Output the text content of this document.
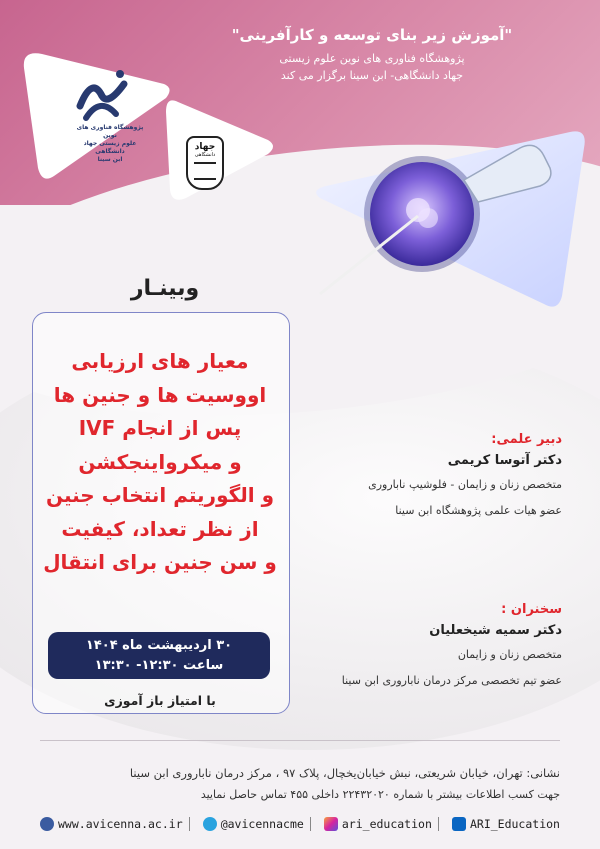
"آموزش زیر بنای توسعه و کارآفرینی"
پژوهشگاه فناوری های نوین علوم زیستی
جهاد دانشگاهی- ابن سینا برگزار می کند
پژوهشگاه فناوری های نوین
علوم زیستی جهاد دانشگاهی
ابن سینا
جهاد
دانشگاهی
وبینـار
معیار های ارزیابی
اووسیت ها و جنین ها
پس از انجام IVF
و میکرواینجکشن
و الگوریتم انتخاب جنین
از نظر تعداد، کیفیت
و سن جنین برای انتقال
۳۰ اردیبهشت ماه ۱۴۰۴
ساعت ۱۲:۳۰- ۱۳:۳۰
با امتیاز باز آموزی
دبیر علمی:
دکتر آتوسا کریمی
متخصص زنان و زایمان - فلوشیپ ناباروری
عضو هیات علمی پژوهشگاه ابن سینا
سخنران :
دکتر سمیه شیخعلیان
متخصص زنان و زایمان
عضو تیم تخصصی مرکز درمان ناباروری ابن سینا
نشانی: تهران، خیابان شریعتی، نبش خیابان‌یخچال، پلاک ۹۷ ، مرکز درمان ناباروری ابن سینا
جهت کسب اطلاعات بیشتر با شماره ۲۲۴۳۲۰۲۰ داخلی ۴۵۵ تماس حاصل نمایید
www.avicenna.ac.ir	@avicennacme	ari_education	ARI_Education
